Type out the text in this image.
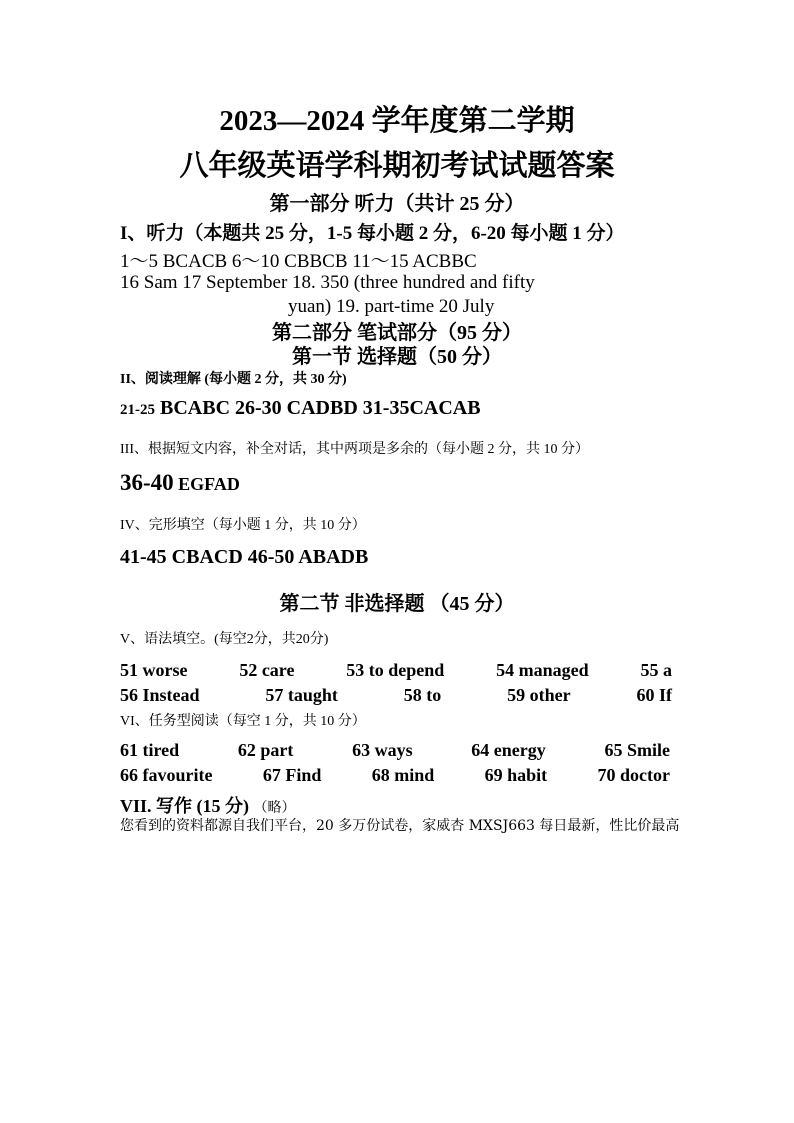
2023—2024 学年度第二学期
八年级英语学科期初考试试题答案
第一部分 听力（共计 25 分）
I、听力（本题共 25 分，1-5 每小题 2 分，6-20 每小题 1 分）
1～5 BCACB 6～10 CBBCB 11～15 ACBBC
16 Sam 17 September 18. 350 (three hundred and fifty
yuan) 19. part-time 20 July
第二部分 笔试部分（95 分）
第一节 选择题（50 分）
II、阅读理解 (每小题 2 分，共 30 分)
21-25 BCABC 26-30 CADBD 31-35CACAB
III、根据短文内容，补全对话，其中两项是多余的（每小题 2 分，共 10 分）
36-40 EGFAD
IV、完形填空（每小题 1 分，共 10 分）
41-45 CBACD 46-50 ABADB
第二节 非选择题 （45 分）
V、语法填空。(每空2分，共20分)
51 worse	52 care	53 to depend	54 managed	55 a
56 Instead	57 taught	58 to	59 other	60 If
VI、任务型阅读（每空 1 分，共 10 分）
61 tired	62 part	63 ways	64 energy	65 Smile
66 favourite	67 Find	68 mind	69 habit	70 doctor
VII. 写作 (15 分) （略）
您看到的资料都源自我们平台，20 多万份试卷，家威杏 MXSJ663 每日最新，性比价最高
